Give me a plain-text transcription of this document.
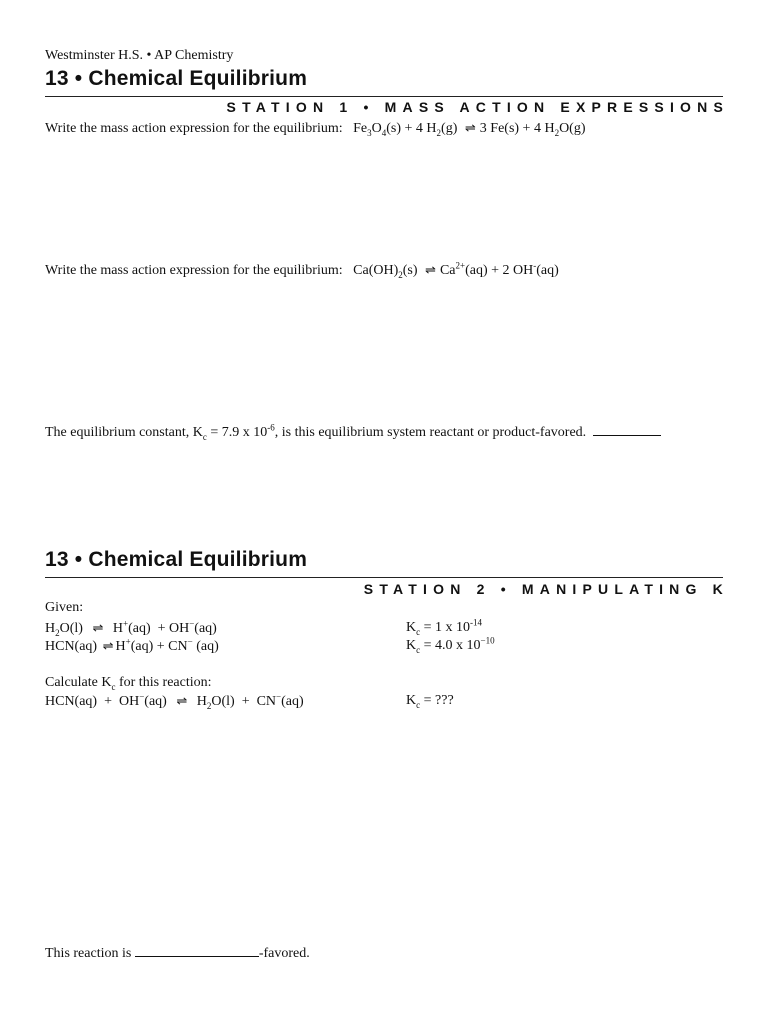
Westminster H.S. • AP Chemistry
13 • Chemical Equilibrium
STATION 1 • MASS ACTION EXPRESSIONS
Write the mass action expression for the equilibrium:   $Fe_3O_4(s) + 4$ $H_2(g)$ ⇌ 3 Fe(s) + 4 $H_2O(g)$
Write the mass action expression for the equilibrium:   $Ca(OH)_2(s)$ ⇌ $Ca^{2+}(aq) + 2$ OH-(aq)
The equilibrium constant, $K_c = 7.9$ x $10^{-6}$, is this equilibrium system reactant or product-favored.
13 • Chemical Equilibrium
STATION 2 • MANIPULATING K
Given:
$H_2O(l)$ ⇌ H+(aq)  + OH−(aq)	$K_c = 1$ x $10^{-14}$
HCN(aq) ⇌ H+(aq) + CN− (aq)	$K_c = 4.0$ x $10^{-10}$
Calculate $K_c$ for this reaction:
HCN(aq)  +  OH−(aq) ⇌ $H_2O(l) + CN^-(aq)$	$K_c$ = ???
This reaction is	-favored.
